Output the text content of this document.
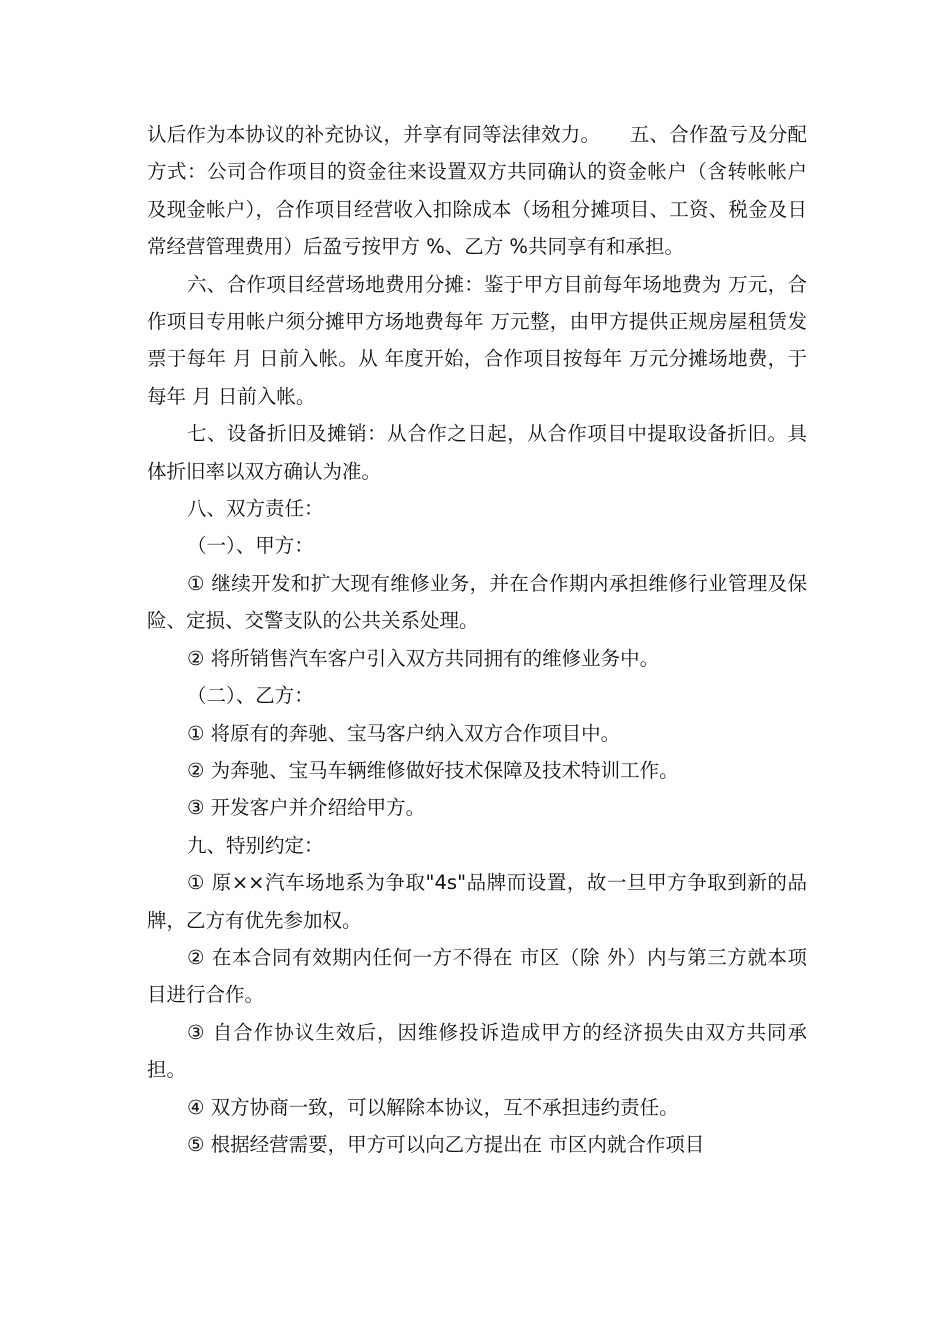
认后作为本协议的补充协议，并享有同等法律效力。　　五、合作盈亏及分配方式：公司合作项目的资金往来设置双方共同确认的资金帐户（含转帐帐户及现金帐户），合作项目经营收入扣除成本（场租分摊项目、工资、税金及日常经营管理费用）后盈亏按甲方 %、乙方 %共同享有和承担。

六、合作项目经营场地费用分摊：鉴于甲方目前每年场地费为 万元，合作项目专用帐户须分摊甲方场地费每年 万元整，由甲方提供正规房屋租赁发票于每年 月 日前入帐。从 年度开始，合作项目按每年 万元分摊场地费，于每年 月 日前入帐。

七、设备折旧及摊销：从合作之日起，从合作项目中提取设备折旧。具体折旧率以双方确认为准。

八、双方责任：

（一）、甲方：

① 继续开发和扩大现有维修业务，并在合作期内承担维修行业管理及保险、定损、交警支队的公共关系处理。

② 将所销售汽车客户引入双方共同拥有的维修业务中。

（二）、乙方：

① 将原有的奔驰、宝马客户纳入双方合作项目中。

② 为奔驰、宝马车辆维修做好技术保障及技术特训工作。

③ 开发客户并介绍给甲方。

九、特别约定：

① 原××汽车场地系为争取"4s"品牌而设置，故一旦甲方争取到新的品牌，乙方有优先参加权。

② 在本合同有效期内任何一方不得在 市区（除 外）内与第三方就本项目进行合作。

③ 自合作协议生效后，因维修投诉造成甲方的经济损失由双方共同承担。

④ 双方协商一致，可以解除本协议，互不承担违约责任。

⑤ 根据经营需要，甲方可以向乙方提出在 市区内就合作项目
